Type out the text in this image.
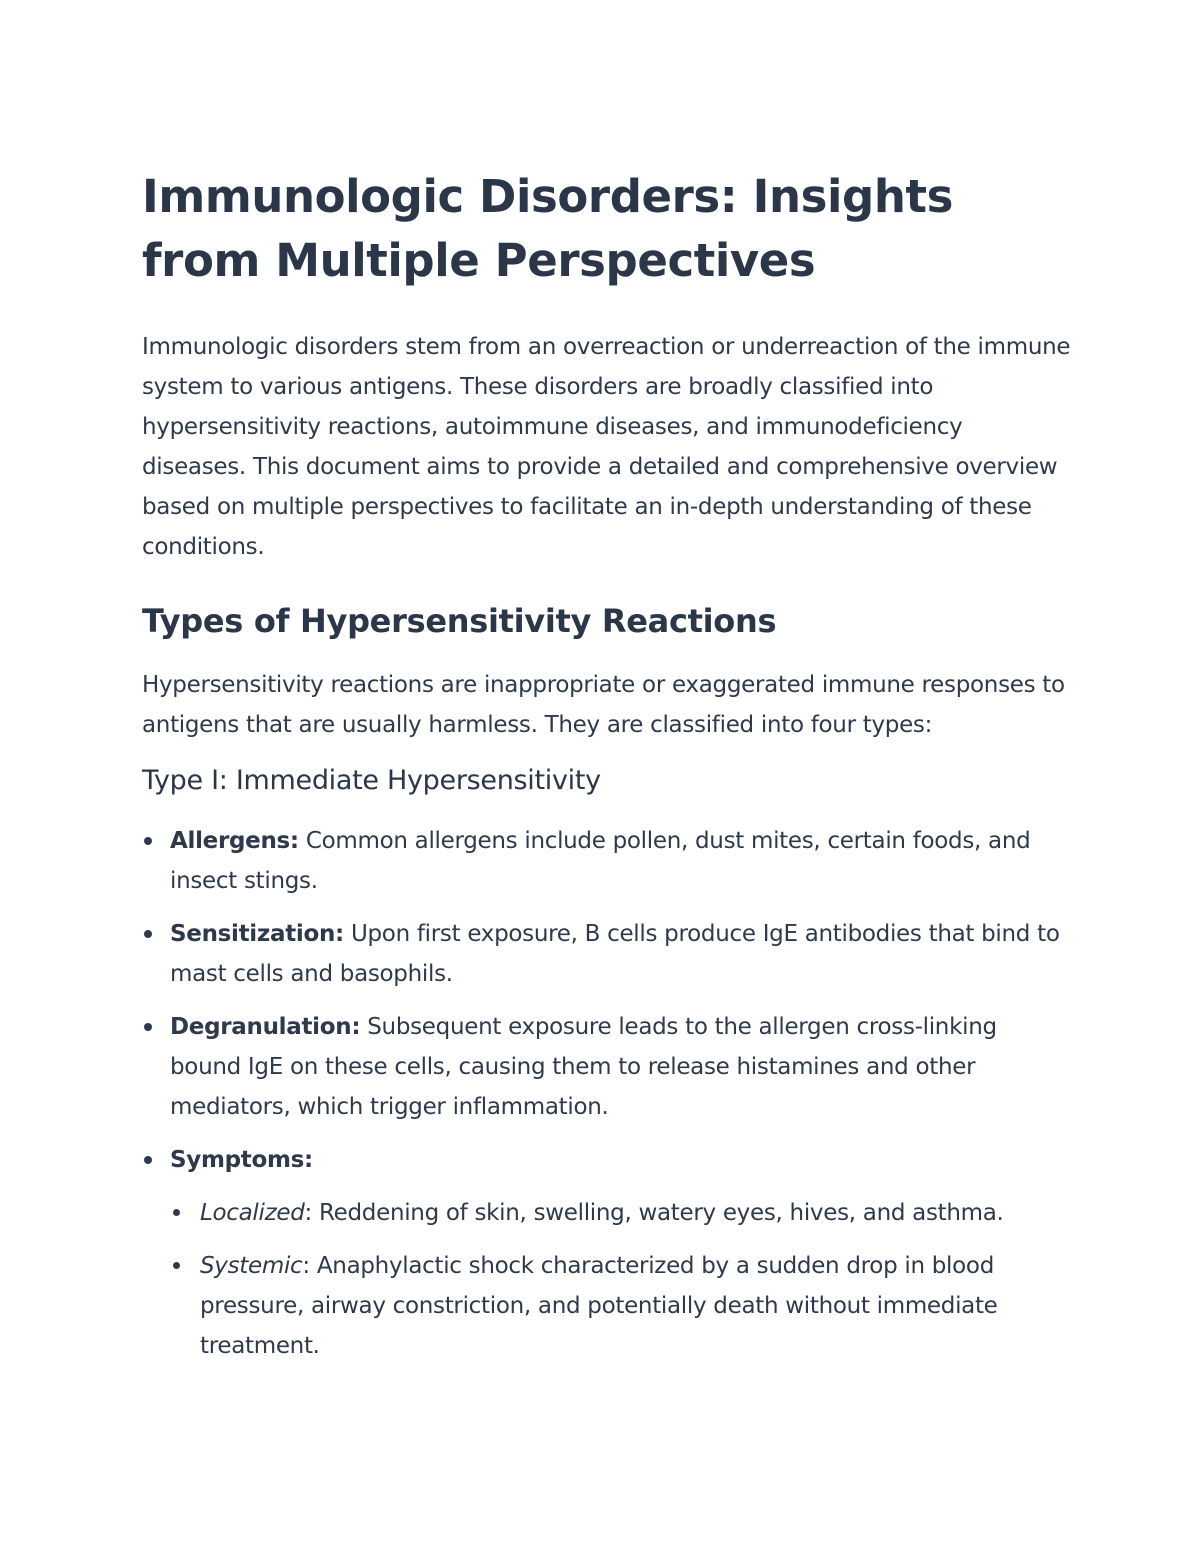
Immunologic Disorders: Insights from Multiple Perspectives

Immunologic disorders stem from an overreaction or underreaction of the immune system to various antigens. These disorders are broadly classified into hypersensitivity reactions, autoimmune diseases, and immunodeficiency diseases. This document aims to provide a detailed and comprehensive overview based on multiple perspectives to facilitate an in-depth understanding of these conditions.

Types of Hypersensitivity Reactions

Hypersensitivity reactions are inappropriate or exaggerated immune responses to antigens that are usually harmless. They are classified into four types:

Type I: Immediate Hypersensitivity
Allergens: Common allergens include pollen, dust mites, certain foods, and insect stings.
Sensitization: Upon first exposure, B cells produce IgE antibodies that bind to mast cells and basophils.
Degranulation: Subsequent exposure leads to the allergen cross-linking bound IgE on these cells, causing them to release histamines and other mediators, which trigger inflammation.
Symptoms:
Localized: Reddening of skin, swelling, watery eyes, hives, and asthma.
Systemic: Anaphylactic shock characterized by a sudden drop in blood pressure, airway constriction, and potentially death without immediate treatment.
